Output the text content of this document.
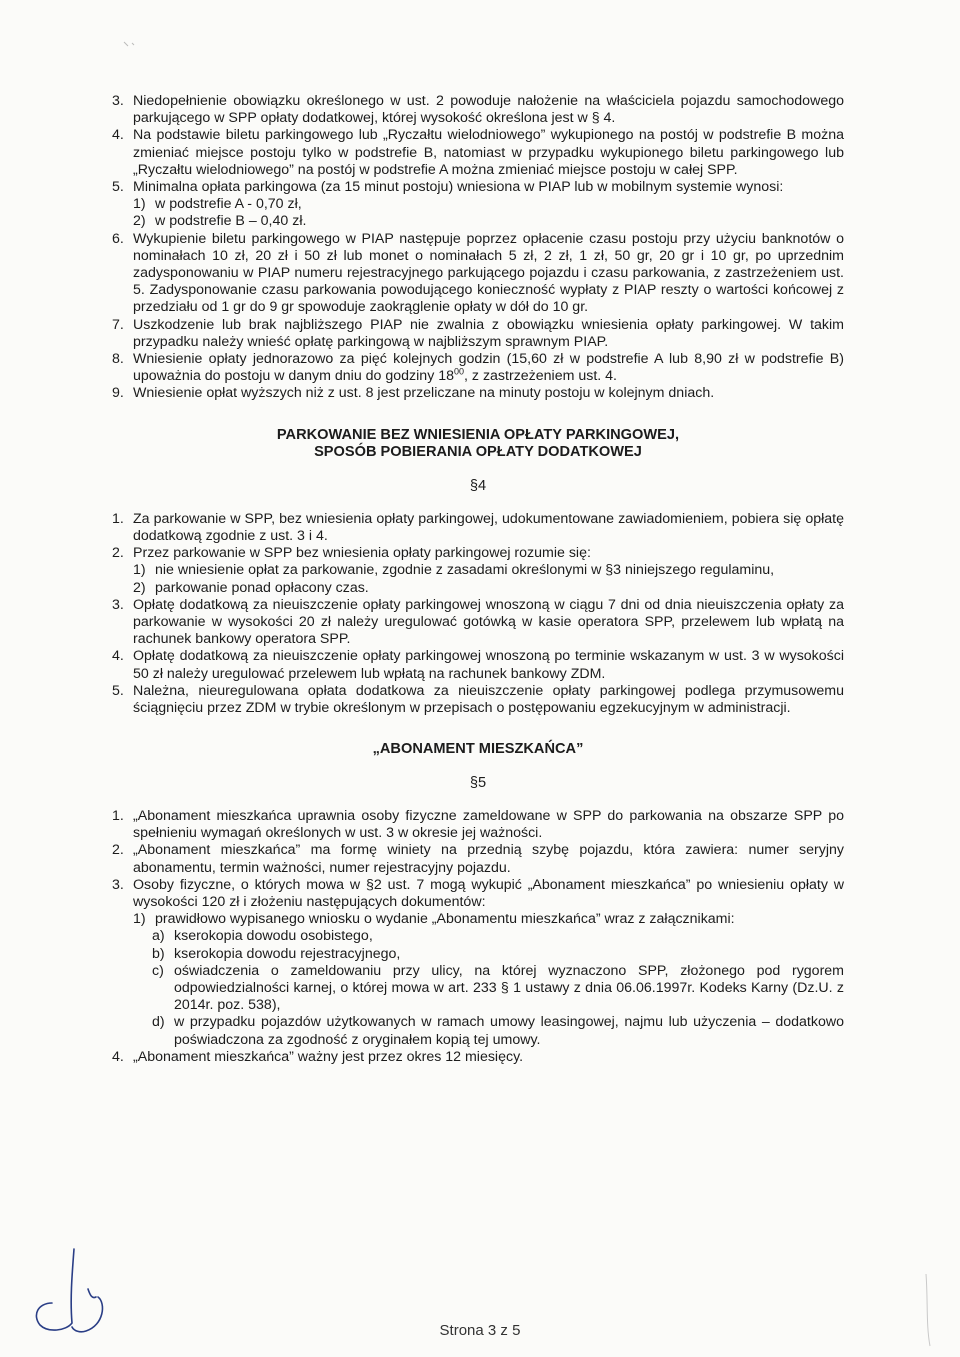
3. Niedopełnienie obowiązku określonego w ust. 2 powoduje nałożenie na właściciela pojazdu samochodowego parkującego w SPP opłaty dodatkowej, której wysokość określona jest w § 4.
4. Na podstawie biletu parkingowego lub „Ryczałtu wielodniowego” wykupionego na postój w podstrefie B można zmieniać miejsce postoju tylko w podstrefie B, natomiast w przypadku wykupionego biletu parkingowego lub „Ryczałtu wielodniowego” na postój w podstrefie A można zmieniać miejsce postoju w całej SPP.
5. Minimalna opłata parkingowa (za 15 minut postoju) wniesiona w PIAP lub w mobilnym systemie wynosi:
1) w podstrefie A - 0,70 zł,
2) w podstrefie B – 0,40 zł.
6. Wykupienie biletu parkingowego w PIAP następuje poprzez opłacenie czasu postoju przy użyciu banknotów o nominałach 10 zł, 20 zł i 50 zł lub monet o nominałach 5 zł, 2 zł, 1 zł, 50 gr, 20 gr i 10 gr, po uprzednim zadysponowaniu w PIAP numeru rejestracyjnego parkującego pojazdu i czasu parkowania, z zastrzeżeniem ust. 5. Zadysponowanie czasu parkowania powodującego konieczność wypłaty z PIAP reszty o wartości końcowej z przedziału od 1 gr do 9 gr spowoduje zaokrąglenie opłaty w dół do 10 gr.
7. Uszkodzenie lub brak najbliższego PIAP nie zwalnia z obowiązku wniesienia opłaty parkingowej. W takim przypadku należy wnieść opłatę parkingową w najbliższym sprawnym PIAP.
8. Wniesienie opłaty jednorazowo za pięć kolejnych godzin (15,60 zł w podstrefie A lub 8,90 zł w podstrefie B) upoważnia do postoju w danym dniu do godziny $18^{00}$, z zastrzeżeniem ust. 4.
9. Wniesienie opłat wyższych niż z ust. 8 jest przeliczane na minuty postoju w kolejnym dniach.
PARKOWANIE BEZ WNIESIENIA OPŁATY PARKINGOWEJ,
SPOSÓB POBIERANIA OPŁATY DODATKOWEJ
§4
1. Za parkowanie w SPP, bez wniesienia opłaty parkingowej, udokumentowane zawiadomieniem, pobiera się opłatę dodatkową zgodnie z ust. 3 i 4.
2. Przez parkowanie w SPP bez wniesienia opłaty parkingowej rozumie się:
1) nie wniesienie opłat za parkowanie, zgodnie z zasadami określonymi w §3 niniejszego regulaminu,
2) parkowanie ponad opłacony czas.
3. Opłatę dodatkową za nieuiszczenie opłaty parkingowej wnoszoną w ciągu 7 dni od dnia nieuiszczenia opłaty za parkowanie w wysokości 20 zł należy uregulować gotówką w kasie operatora SPP, przelewem lub wpłatą na rachunek bankowy operatora SPP.
4. Opłatę dodatkową za nieuiszczenie opłaty parkingowej wnoszoną po terminie wskazanym w ust. 3 w wysokości 50 zł należy uregulować przelewem lub wpłatą na rachunek bankowy ZDM.
5. Należna, nieuregulowana opłata dodatkowa za nieuiszczenie opłaty parkingowej podlega przymusowemu ściągnięciu przez ZDM w trybie określonym w przepisach o postępowaniu egzekucyjnym w administracji.
„ABONAMENT MIESZKAŃCA”
§5
1. „Abonament mieszkańca uprawnia osoby fizyczne zameldowane w SPP do parkowania na obszarze SPP po spełnieniu wymagań określonych w ust. 3 w okresie jej ważności.
2. „Abonament mieszkańca” ma formę winiety na przednią szybę pojazdu, która zawiera: numer seryjny abonamentu, termin ważności, numer rejestracyjny pojazdu.
3. Osoby fizyczne, o których mowa w §2 ust. 7 mogą wykupić „Abonament mieszkańca” po wniesieniu opłaty w wysokości 120 zł i złożeniu następujących dokumentów:
1) prawidłowo wypisanego wniosku o wydanie „Abonamentu mieszkańca” wraz z załącznikami:
a) kserokopia dowodu osobistego,
b) kserokopia dowodu rejestracyjnego,
c) oświadczenia o zameldowaniu przy ulicy, na której wyznaczono SPP, złożonego pod rygorem odpowiedzialności karnej, o której mowa w art. 233 § 1 ustawy z dnia 06.06.1997r. Kodeks Karny (Dz.U. z 2014r. poz. 538),
d) w przypadku pojazdów użytkowanych w ramach umowy leasingowej, najmu lub użyczenia – dodatkowo poświadczona za zgodność z oryginałem kopią tej umowy.
4. „Abonament mieszkańca” ważny jest przez okres 12 miesięcy.
Strona 3 z 5
